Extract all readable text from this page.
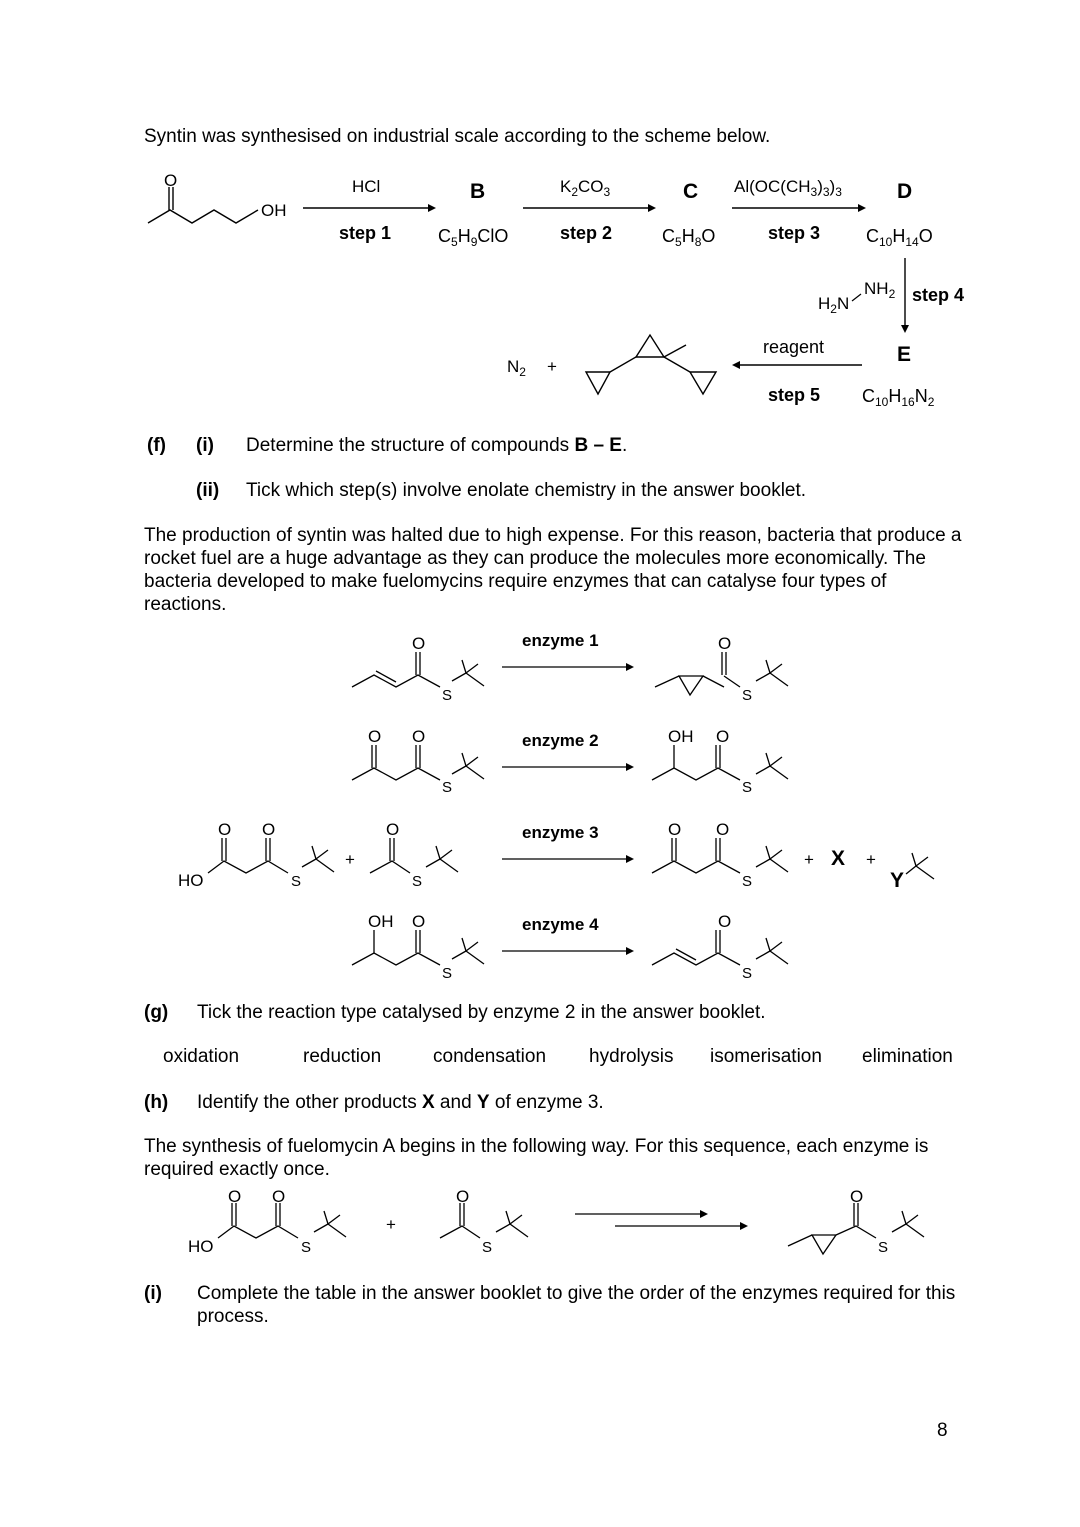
Syntin was synthesised on industrial scale according to the scheme below.
O
OH
HCl
step 1
B
$C_5H_9ClO$
$K_2CO_3$
step 2
C
$C_5H_8O$
$Al(OC(CH_3)_3)_3$
step 3
D
$C_{10}H_{14}O$
$H_2N$
$NH_2$ step 4
E
$C_{10}H_{16}N_2$
reagent
step 5
$N_2$ +
(f) (i) Determine the structure of compounds B – E.
(ii) Tick which step(s) involve enolate chemistry in the answer booklet.
The production of syntin was halted due to high expense. For this reason, bacteria that produce a rocket fuel are a huge advantage as they can produce the molecules more economically. The bacteria developed to make fuelomycins require enzymes that can catalyse four types of reactions.
enzyme 1
enzyme 2
enzyme 3
enzyme 4
O
S
O
S
O O
S
OH O
S
HO
O O
S
+
O
S
O O
S
+ X +
Y
OH O
S
O
S
(g) Tick the reaction type catalysed by enzyme 2 in the answer booklet.
oxidation	reduction	condensation hydrolysis isomerisation elimination
(h) Identify the other products X and Y of enzyme 3.
The synthesis of fuelomycin A begins in the following way. For this sequence, each enzyme is required exactly once.
HO
O O
S
+
O
S
O
S
(i) Complete the table in the answer booklet to give the order of the enzymes required for this process.
8
